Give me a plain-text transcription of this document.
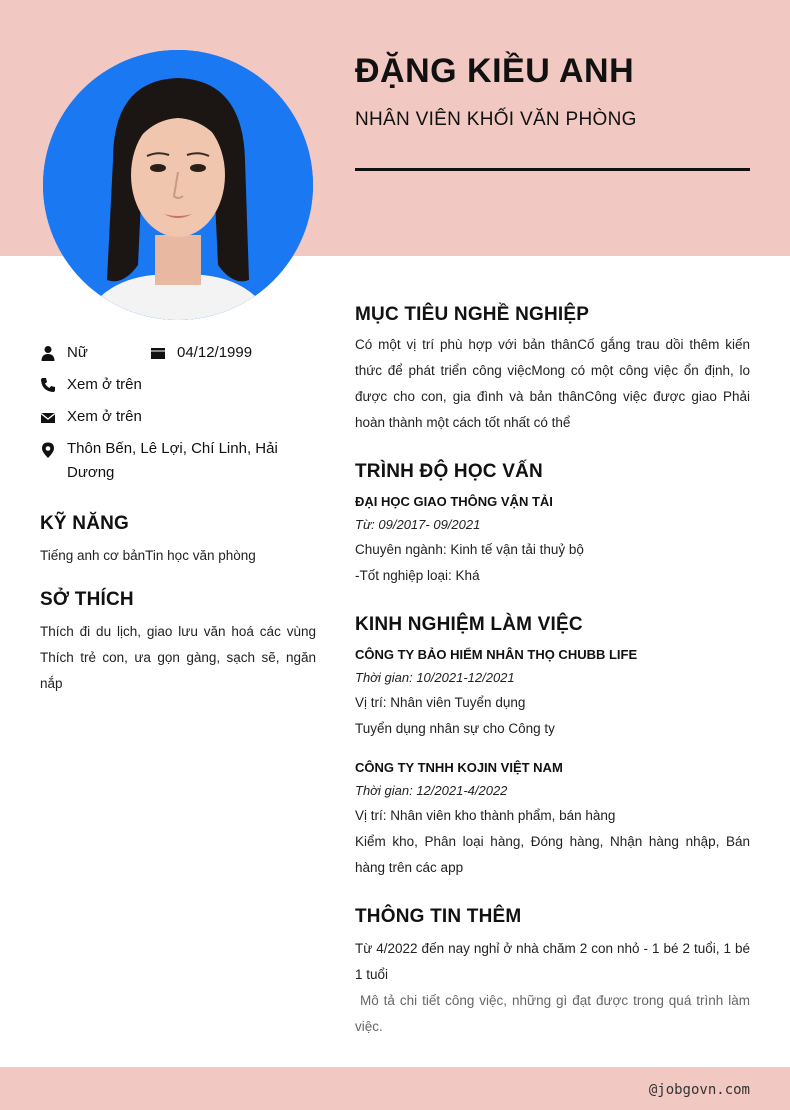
ĐẶNG KIỀU ANH
NHÂN VIÊN KHỐI VĂN PHÒNG
Nữ	04/12/1999
Xem ở trên
Xem ở trên
Thôn Bến, Lê Lợi, Chí Linh, Hải Dương
KỸ NĂNG
Tiếng anh cơ bảnTin học văn phòng
SỞ THÍCH
Thích đi du lịch, giao lưu văn hoá các vùng Thích trẻ con, ưa gọn gàng, sạch sẽ, ngăn nắp
MỤC TIÊU NGHỀ NGHIỆP
Có một vị trí phù hợp với bản thânCố gắng trau dồi thêm kiến thức để phát triển công việcMong có một công việc ổn định, lo được cho con, gia đình và bản thânCông việc được giao Phải hoàn thành một cách tốt nhất có thể
TRÌNH ĐỘ HỌC VẤN
ĐẠI HỌC GIAO THÔNG VẬN TẢI
Từ: 09/2017- 09/2021
Chuyên ngành: Kinh tế vận tải thuỷ bộ
-Tốt nghiệp loại: Khá
KINH NGHIỆM LÀM VIỆC
CÔNG TY BẢO HIỂM NHÂN THỌ CHUBB LIFE
Thời gian: 10/2021-12/2021
Vị trí: Nhân viên Tuyển dụng
Tuyển dụng nhân sự cho Công ty
CÔNG TY TNHH KOJIN VIỆT NAM
Thời gian: 12/2021-4/2022
Vị trí: Nhân viên kho thành phẩm, bán hàng
Kiểm kho, Phân loại hàng, Đóng hàng, Nhận hàng nhập, Bán hàng trên các app
THÔNG TIN THÊM
Từ 4/2022 đến nay nghỉ ở nhà chăm 2 con nhỏ - 1 bé 2 tuổi, 1 bé 1 tuổi
Mô tả chi tiết công việc, những gì đạt được trong quá trình làm việc.
@jobgovn.com
